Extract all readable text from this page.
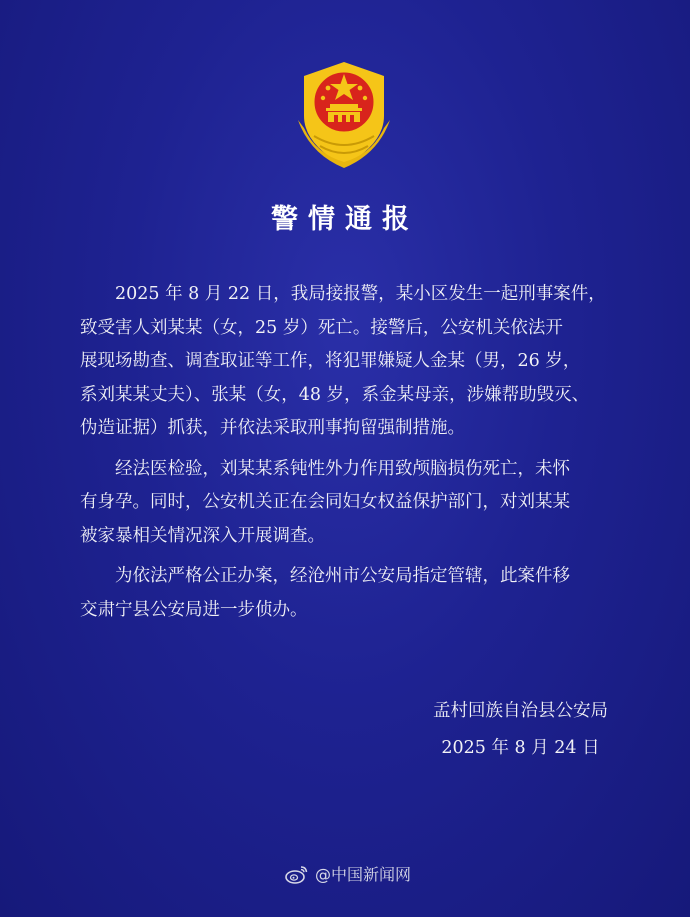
警情通报
2025 年 8 月 22 日，我局接报警，某小区发生一起刑事案件，
致受害人刘某某（女，25 岁）死亡。接警后，公安机关依法开
展现场勘查、调查取证等工作，将犯罪嫌疑人金某（男，26 岁，
系刘某某丈夫）、张某（女，48 岁，系金某母亲，涉嫌帮助毁灭、
伪造证据）抓获，并依法采取刑事拘留强制措施。
经法医检验，刘某某系钝性外力作用致颅脑损伤死亡，未怀
有身孕。同时，公安机关正在会同妇女权益保护部门，对刘某某
被家暴相关情况深入开展调查。
为依法严格公正办案，经沧州市公安局指定管辖，此案件移
交肃宁县公安局进一步侦办。
孟村回族自治县公安局
2025 年 8 月 24 日
@中国新闻网
